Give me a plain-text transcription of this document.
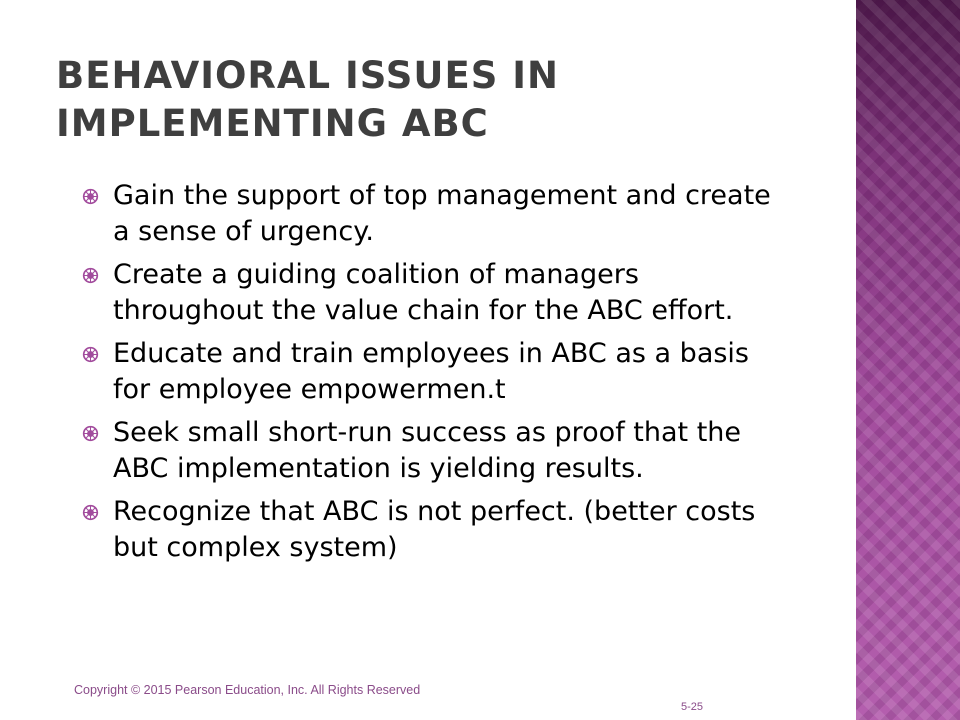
BEHAVIORAL ISSUES IN IMPLEMENTING ABC
Gain the support of top management and create a sense of urgency.
Create a guiding coalition of managers throughout the value chain for the ABC effort.
Educate and train employees in ABC as a basis for employee empowermen.t
Seek small short-run success as proof that the ABC implementation is yielding results.
Recognize that ABC is not perfect. (better costs but complex system)

Copyright © 2015 Pearson Education, Inc. All Rights Reserved

5-25
